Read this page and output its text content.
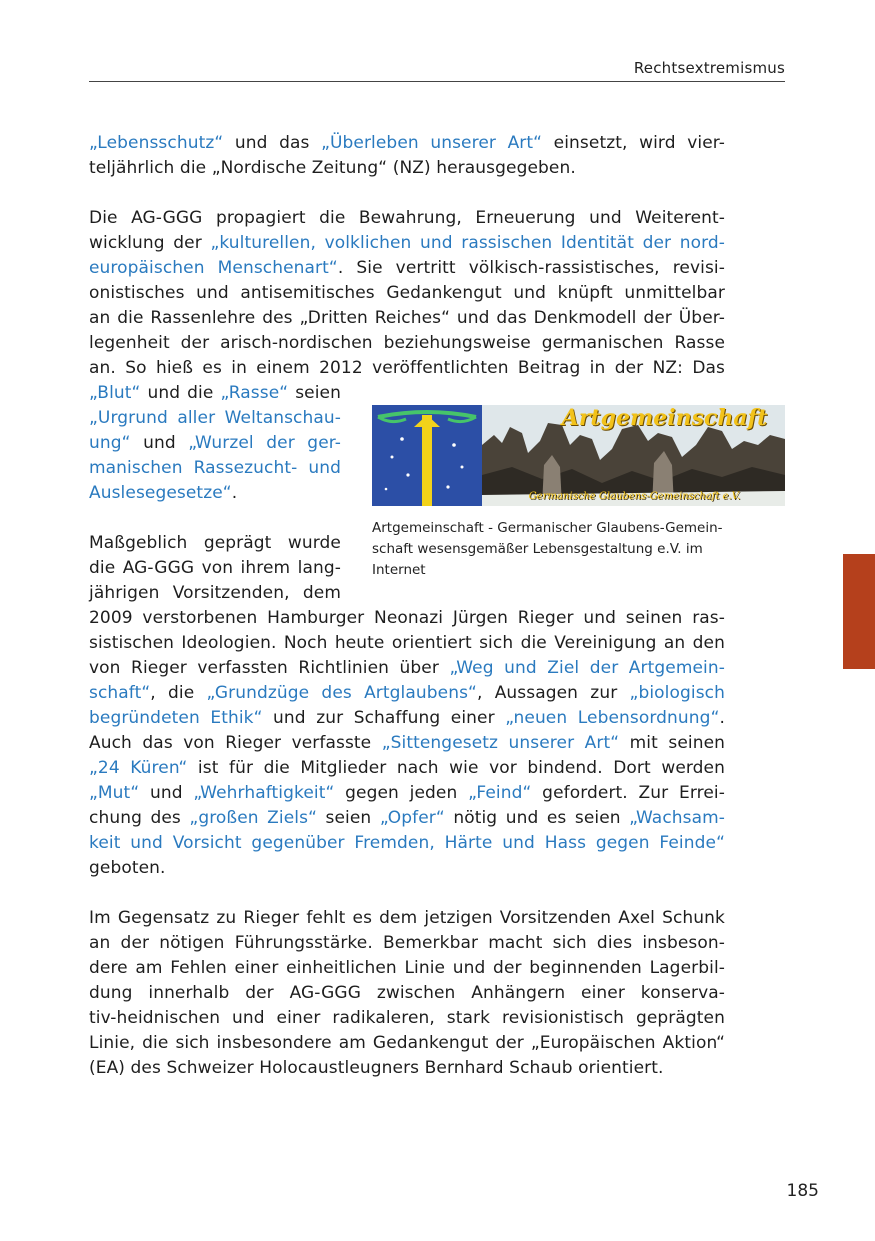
Rechtsextremismus
„Lebensschutz“ und das „Überleben unserer Art“ einsetzt, wird vier-
teljährlich die „Nordische Zeitung“ (NZ) herausgegeben.
Die AG-GGG propagiert die Bewahrung, Erneuerung und Weiterent-
wicklung der „kulturellen, volklichen und rassischen Identität der nord-
europäischen Menschenart“. Sie vertritt völkisch-rassistisches, revisi-
onistisches und antisemitisches Gedankengut und knüpft unmittelbar
an die Rassenlehre des „Dritten Reiches“ und das Denkmodell der Über-
legenheit der arisch-nordischen beziehungsweise germanischen Rasse
an. So hieß es in einem 2012 veröffentlichten Beitrag in der NZ: Das
„Blut“ und die „Rasse“ seien
„Urgrund aller Weltanschau-
ung“ und „Wurzel der ger-
manischen Rassezucht- und
Auslesegesetze“.
Maßgeblich geprägt wurde
die AG-GGG von ihrem lang-
jährigen Vorsitzenden, dem
2009 verstorbenen Hamburger Neonazi Jürgen Rieger und seinen ras-
sistischen Ideologien. Noch heute orientiert sich die Vereinigung an den
von Rieger verfassten Richtlinien über „Weg und Ziel der Artgemein-
schaft“, die „Grundzüge des Artglaubens“, Aussagen zur „biologisch
begründeten Ethik“ und zur Schaffung einer „neuen Lebensordnung“.
Auch das von Rieger verfasste „Sittengesetz unserer Art“ mit seinen
„24 Küren“ ist für die Mitglieder nach wie vor bindend. Dort werden
„Mut“ und „Wehrhaftigkeit“ gegen jeden „Feind“ gefordert. Zur Errei-
chung des „großen Ziels“ seien „Opfer“ nötig und es seien „Wachsam-
keit und Vorsicht gegenüber Fremden, Härte und Hass gegen Feinde“
geboten.
Im Gegensatz zu Rieger fehlt es dem jetzigen Vorsitzenden Axel Schunk
an der nötigen Führungsstärke. Bemerkbar macht sich dies insbeson-
dere am Fehlen einer einheitlichen Linie und der beginnenden Lagerbil-
dung innerhalb der AG-GGG zwischen Anhängern einer konserva-
tiv-heidnischen und einer radikaleren, stark revisionistisch geprägten
Linie, die sich insbesondere am Gedankengut der „Europäischen Aktion“
(EA) des Schweizer Holocaustleugners Bernhard Schaub orientiert.
Artgemeinschaft
Germanische Glaubens-Gemeinschaft e.V.
Artgemeinschaft - Germanischer Glaubens-Gemein-
schaft wesensgemäßer Lebensgestaltung e.V. im
Internet
185
